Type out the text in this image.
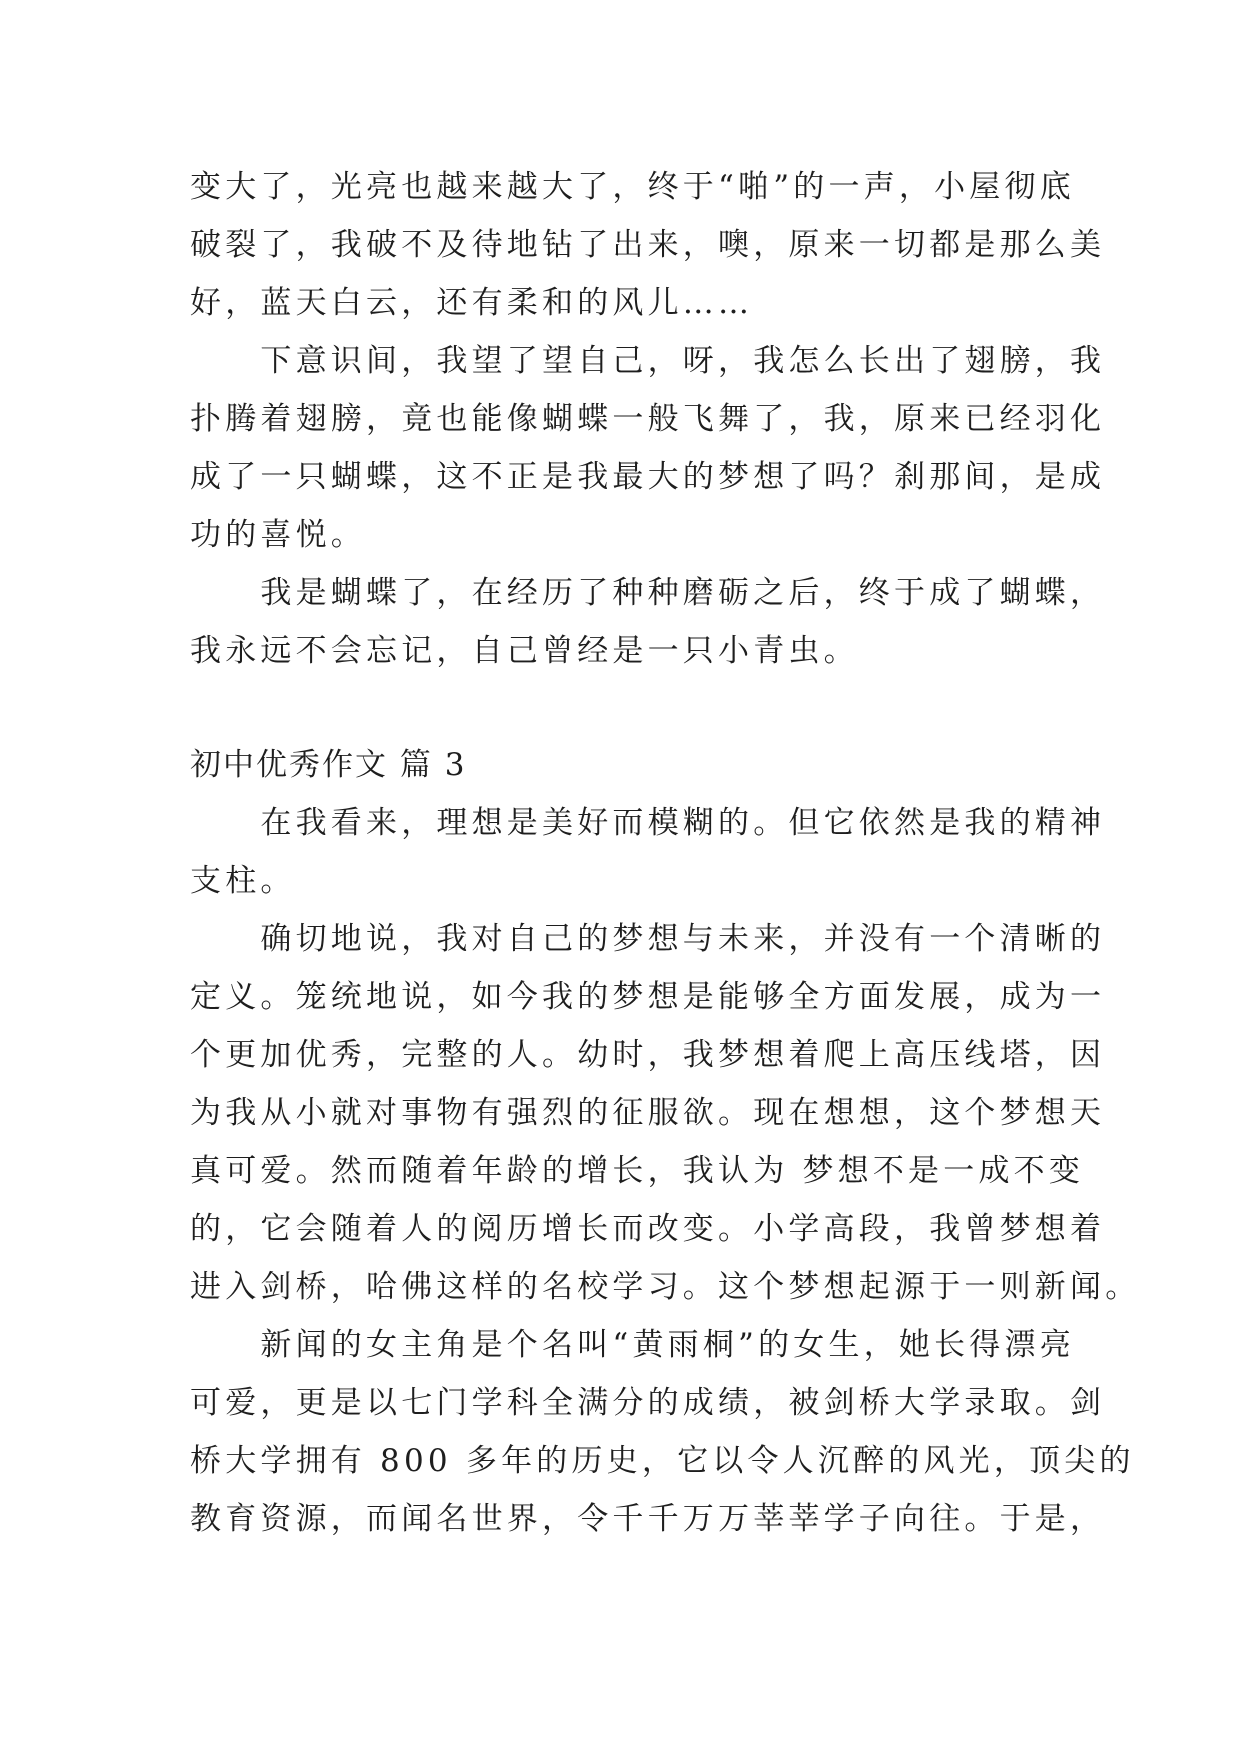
变大了，光亮也越来越大了，终于“啪”的一声，小屋彻底
破裂了，我破不及待地钻了出来，噢，原来一切都是那么美
好，蓝天白云，还有柔和的风儿……
　　下意识间，我望了望自己，呀，我怎么长出了翅膀，我
扑腾着翅膀，竟也能像蝴蝶一般飞舞了，我，原来已经羽化
成了一只蝴蝶，这不正是我最大的梦想了吗？刹那间，是成
功的喜悦。
　　我是蝴蝶了，在经历了种种磨砺之后，终于成了蝴蝶，
我永远不会忘记，自己曾经是一只小青虫。
初中优秀作文 篇 3
　　在我看来，理想是美好而模糊的。但它依然是我的精神
支柱。
　　确切地说，我对自己的梦想与未来，并没有一个清晰的
定义。笼统地说，如今我的梦想是能够全方面发展，成为一
个更加优秀，完整的人。幼时，我梦想着爬上高压线塔，因
为我从小就对事物有强烈的征服欲。现在想想，这个梦想天
真可爱。然而随着年龄的增长，我认为 梦想不是一成不变
的，它会随着人的阅历增长而改变。小学高段，我曾梦想着
进入剑桥，哈佛这样的名校学习。这个梦想起源于一则新闻。
　　新闻的女主角是个名叫“黄雨桐”的女生，她长得漂亮
可爱，更是以七门学科全满分的成绩，被剑桥大学录取。剑
桥大学拥有 800 多年的历史，它以令人沉醉的风光，顶尖的
教育资源，而闻名世界，令千千万万莘莘学子向往。于是，
